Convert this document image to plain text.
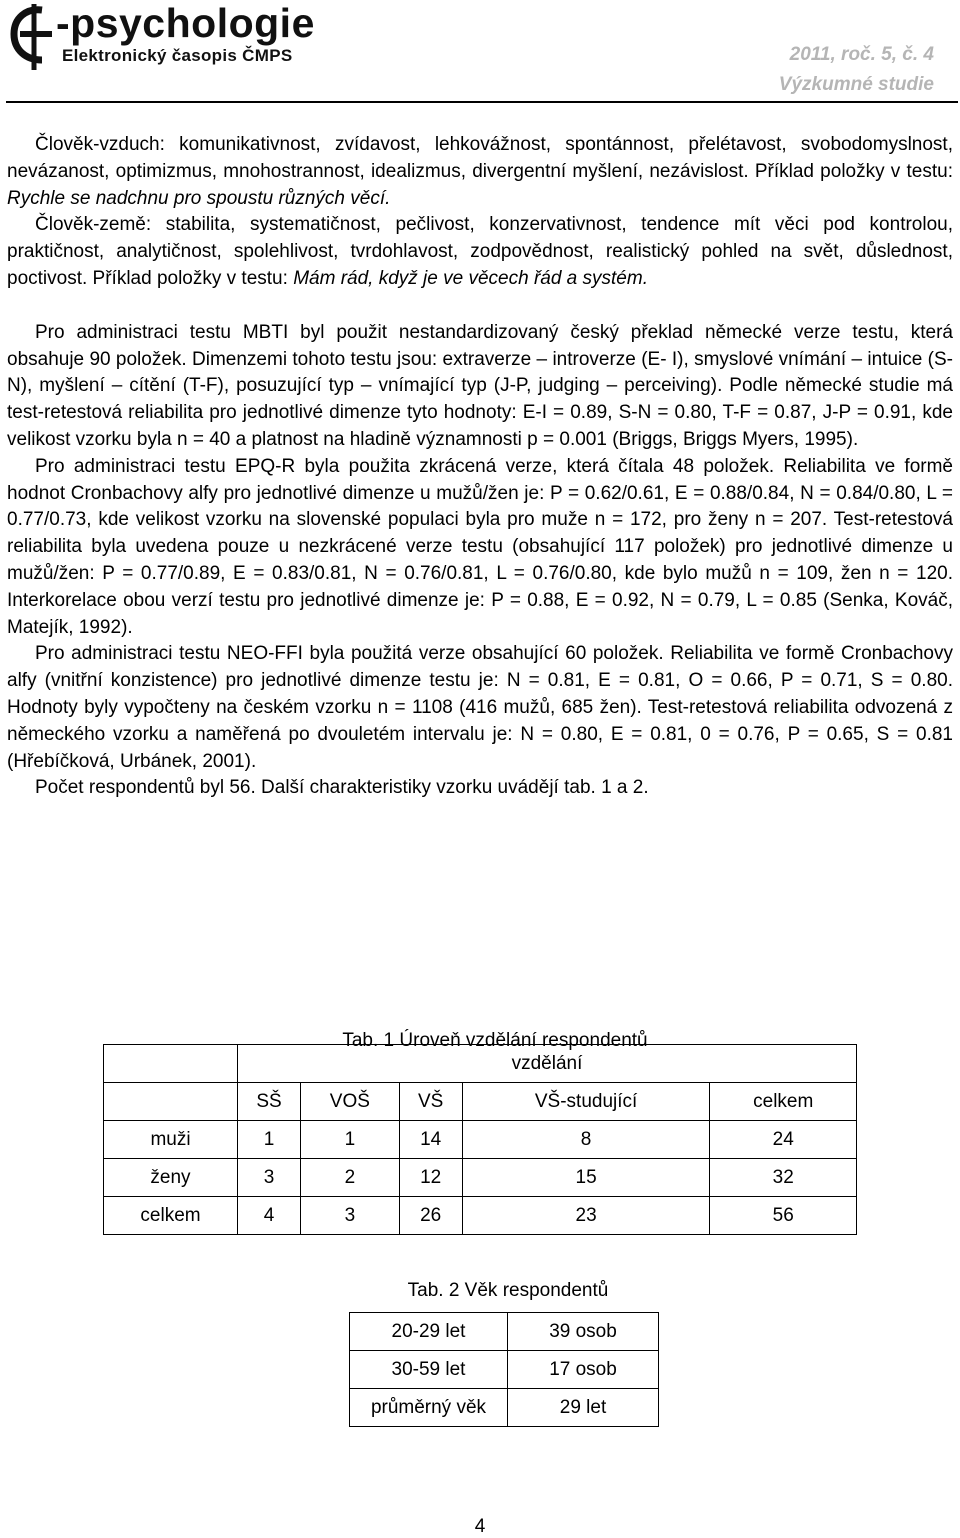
-psychologie
Elektronický časopis ČMPS	2011, roč. 5, č. 4
Výzkumné studie

Člověk-vzduch: komunikativnost, zvídavost, lehkovážnost, spontánnost, přelétavost, svobodomyslnost, nevázanost, optimizmus, mnohostrannost, idealizmus, divergentní myšlení, nezávislost. Příklad položky v testu: Rychle se nadchnu pro spoustu různých věcí.

Člověk-země: stabilita, systematičnost, pečlivost, konzervativnost, tendence mít věci pod kontrolou, praktičnost, analytičnost, spolehlivost, tvrdohlavost, zodpovědnost, realistický pohled na svět, důslednost, poctivost. Příklad položky v testu: Mám rád, když je ve věcech řád a systém.

Pro administraci testu MBTI byl použit nestandardizovaný český překlad německé verze testu, která obsahuje 90 položek. Dimenzemi tohoto testu jsou: extraverze – introverze (E- I), smyslové vnímání – intuice (S-N), myšlení – cítění (T-F), posuzující typ – vnímající typ (J-P, judging – perceiving). Podle německé studie má test-retestová reliabilita pro jednotlivé dimenze tyto hodnoty: E-I = 0.89, S-N = 0.80, T-F = 0.87, J-P = 0.91, kde velikost vzorku byla n = 40 a platnost na hladině významnosti p = 0.001 (Briggs, Briggs Myers, 1995).

Pro administraci testu EPQ-R byla použita zkrácená verze, která čítala 48 položek. Reliabilita ve formě hodnot Cronbachovy alfy pro jednotlivé dimenze u mužů/žen je: P = 0.62/0.61, E = 0.88/0.84, N = 0.84/0.80, L = 0.77/0.73, kde velikost vzorku na slovenské populaci byla pro muže n = 172, pro ženy n = 207. Test-retestová reliabilita byla uvedena pouze u nezkrácené verze testu (obsahující 117 položek) pro jednotlivé dimenze u mužů/žen: P = 0.77/0.89, E = 0.83/0.81, N = 0.76/0.81, L = 0.76/0.80, kde bylo mužů n = 109, žen n = 120. Interkorelace obou verzí testu pro jednotlivé dimenze je: P = 0.88, E = 0.92, N = 0.79, L = 0.85 (Senka, Kováč, Matejík, 1992).

Pro administraci testu NEO-FFI byla použitá verze obsahující 60 položek. Reliabilita ve formě Cronbachovy alfy (vnitřní konzistence) pro jednotlivé dimenze testu je: N = 0.81, E = 0.81, O = 0.66, P = 0.71, S = 0.80. Hodnoty byly vypočteny na českém vzorku n = 1108 (416 mužů, 685 žen). Test-retestová reliabilita odvozená z německého vzorku a naměřená po dvouletém intervalu je: N = 0.80, E = 0.81, 0 = 0.76, P = 0.65, S = 0.81 (Hřebíčková, Urbánek, 2001).

Počet respondentů byl 56. Další charakteristiky vzorku uvádějí tab. 1 a 2.

Tab. 1 Úroveň vzdělání respondentů
	vzdělání				
	SŠ	VOŠ	VŠ	VŠ-studující	celkem
muži	1	1	14	8	24
ženy	3	2	12	15	32
celkem	4	3	26	23	56
Tab. 2 Věk respondentů
20-29 let	39 osob
30-59 let	17 osob
průměrný věk	29 let
4
